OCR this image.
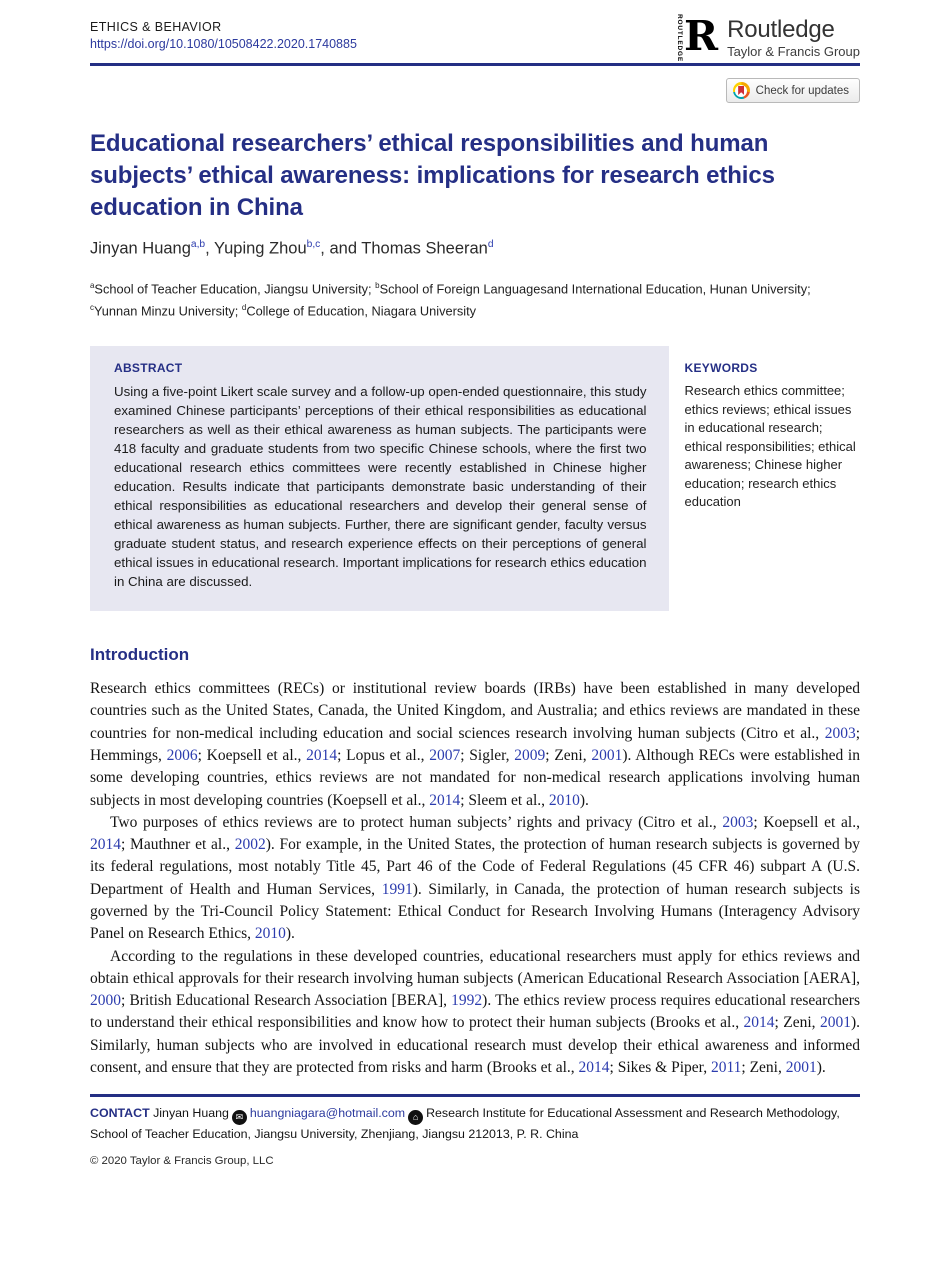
ETHICS & BEHAVIOR
https://doi.org/10.1080/10508422.2020.1740885	ROUTLEDGE R Routledge
Taylor & Francis Group
Check for updates
Educational researchers’ ethical responsibilities and human subjects’ ethical awareness: implications for research ethics education in China
Jinyan Huang$^{a,b}$, Yuping Zhou$^{b,c}$, and Thomas Sheeran$^d$
$^a$School of Teacher Education, Jiangsu University; $^b$School of Foreign Languagesand International Education, Hunan University; $^c$Yunnan Minzu University; $^d$College of Education, Niagara University
ABSTRACT
Using a five-point Likert scale survey and a follow-up open-ended questionnaire, this study examined Chinese participants’ perceptions of their ethical responsibilities as educational researchers as well as their ethical awareness as human subjects. The participants were 418 faculty and graduate students from two specific Chinese schools, where the first two educational research ethics committees were recently established in Chinese higher education. Results indicate that participants demonstrate basic understanding of their ethical responsibilities as educational researchers and develop their general sense of ethical awareness as human subjects. Further, there are significant gender, faculty versus graduate student status, and research experience effects on their perceptions of general ethical issues in educational research. Important implications for research ethics education in China are discussed.
KEYWORDS
Research ethics committee; ethics reviews; ethical issues in educational research; ethical responsibilities; ethical awareness; Chinese higher education; research ethics education
Introduction

Research ethics committees (RECs) or institutional review boards (IRBs) have been established in many developed countries such as the United States, Canada, the United Kingdom, and Australia; and ethics reviews are mandated in these countries for non-medical including education and social sciences research involving human subjects (Citro et al., 2003; Hemmings, 2006; Koepsell et al., 2014; Lopus et al., 2007; Sigler, 2009; Zeni, 2001). Although RECs were established in some developing countries, ethics reviews are not mandated for non-medical research applications involving human subjects in most developing countries (Koepsell et al., 2014; Sleem et al., 2010).

Two purposes of ethics reviews are to protect human subjects’ rights and privacy (Citro et al., 2003; Koepsell et al., 2014; Mauthner et al., 2002). For example, in the United States, the protection of human research subjects is governed by its federal regulations, most notably Title 45, Part 46 of the Code of Federal Regulations (45 CFR 46) subpart A (U.S. Department of Health and Human Services, 1991). Similarly, in Canada, the protection of human research subjects is governed by the Tri-Council Policy Statement: Ethical Conduct for Research Involving Humans (Interagency Advisory Panel on Research Ethics, 2010).

According to the regulations in these developed countries, educational researchers must apply for ethics reviews and obtain ethical approvals for their research involving human subjects (American Educational Research Association [AERA], 2000; British Educational Research Association [BERA], 1992). The ethics review process requires educational researchers to understand their ethical responsibilities and know how to protect their human subjects (Brooks et al., 2014; Zeni, 2001). Similarly, human subjects who are involved in educational research must develop their ethical awareness and informed consent, and ensure that they are protected from risks and harm (Brooks et al., 2014; Sikes & Piper, 2011; Zeni, 2001).

CONTACT Jinyan Huang ✉ huangniagara@hotmail.com ⌂ Research Institute for Educational Assessment and Research Methodology, School of Teacher Education, Jiangsu University, Zhenjiang, Jiangsu 212013, P. R. China

© 2020 Taylor & Francis Group, LLC
